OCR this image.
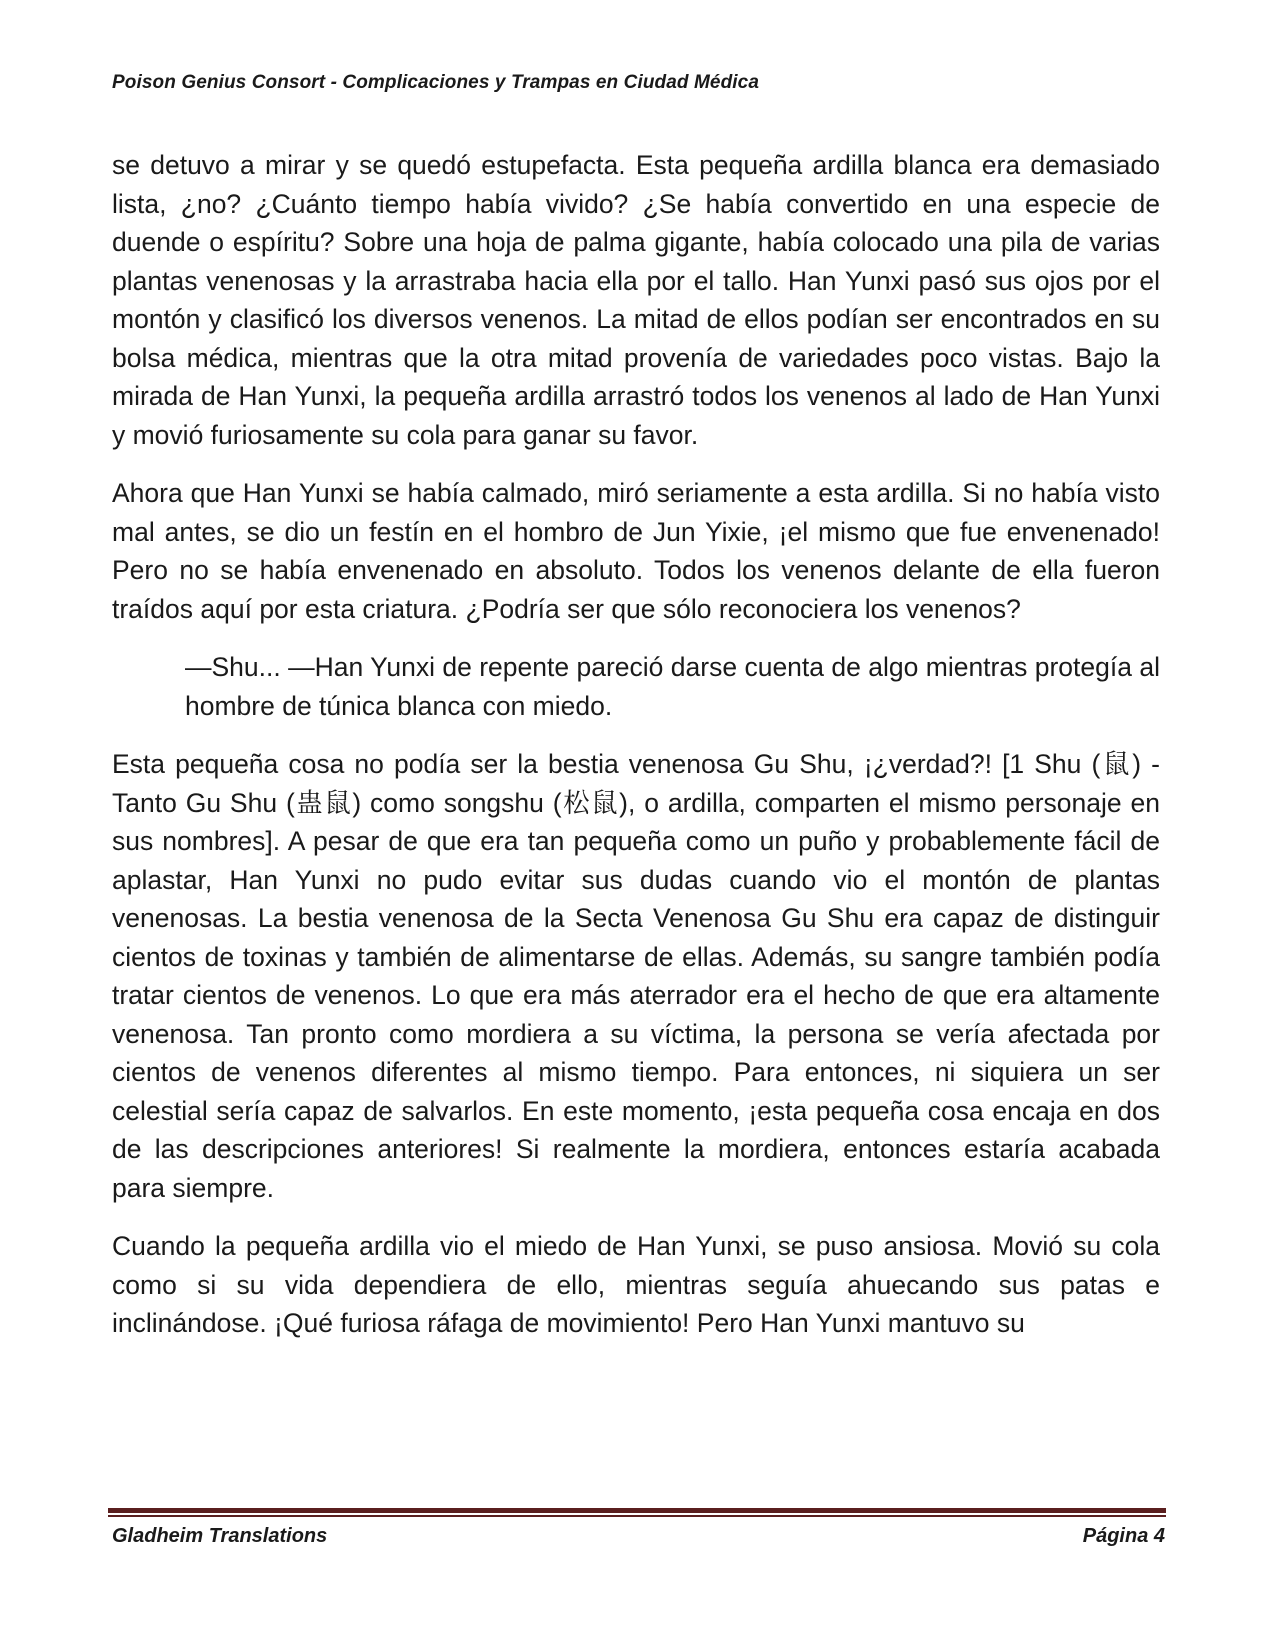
Poison Genius Consort - Complicaciones y Trampas en Ciudad Médica

se detuvo a mirar y se quedó estupefacta. Esta pequeña ardilla blanca era demasiado lista, ¿no? ¿Cuánto tiempo había vivido? ¿Se había convertido en una especie de duende o espíritu? Sobre una hoja de palma gigante, había colocado una pila de varias plantas venenosas y la arrastraba hacia ella por el tallo. Han Yunxi pasó sus ojos por el montón y clasificó los diversos venenos. La mitad de ellos podían ser encontrados en su bolsa médica, mientras que la otra mitad provenía de variedades poco vistas. Bajo la mirada de Han Yunxi, la pequeña ardilla arrastró todos los venenos al lado de Han Yunxi y movió furiosamente su cola para ganar su favor.

Ahora que Han Yunxi se había calmado, miró seriamente a esta ardilla. Si no había visto mal antes, se dio un festín en el hombro de Jun Yixie, ¡el mismo que fue envenenado! Pero no se había envenenado en absoluto. Todos los venenos delante de ella fueron traídos aquí por esta criatura. ¿Podría ser que sólo reconociera los venenos?

—Shu... —Han Yunxi de repente pareció darse cuenta de algo mientras protegía al hombre de túnica blanca con miedo.

Esta pequeña cosa no podía ser la bestia venenosa Gu Shu, ¡¿verdad?! [1 Shu (鼠) - Tanto Gu Shu (蛊鼠) como songshu (松鼠), o ardilla, comparten el mismo personaje en sus nombres]. A pesar de que era tan pequeña como un puño y probablemente fácil de aplastar, Han Yunxi no pudo evitar sus dudas cuando vio el montón de plantas venenosas. La bestia venenosa de la Secta Venenosa Gu Shu era capaz de distinguir cientos de toxinas y también de alimentarse de ellas. Además, su sangre también podía tratar cientos de venenos. Lo que era más aterrador era el hecho de que era altamente venenosa. Tan pronto como mordiera a su víctima, la persona se vería afectada por cientos de venenos diferentes al mismo tiempo. Para entonces, ni siquiera un ser celestial sería capaz de salvarlos. En este momento, ¡esta pequeña cosa encaja en dos de las descripciones anteriores! Si realmente la mordiera, entonces estaría acabada para siempre.

Cuando la pequeña ardilla vio el miedo de Han Yunxi, se puso ansiosa. Movió su cola como si su vida dependiera de ello, mientras seguía ahuecando sus patas e inclinándose. ¡Qué furiosa ráfaga de movimiento! Pero Han Yunxi mantuvo su

Gladheim Translations	Página 4
